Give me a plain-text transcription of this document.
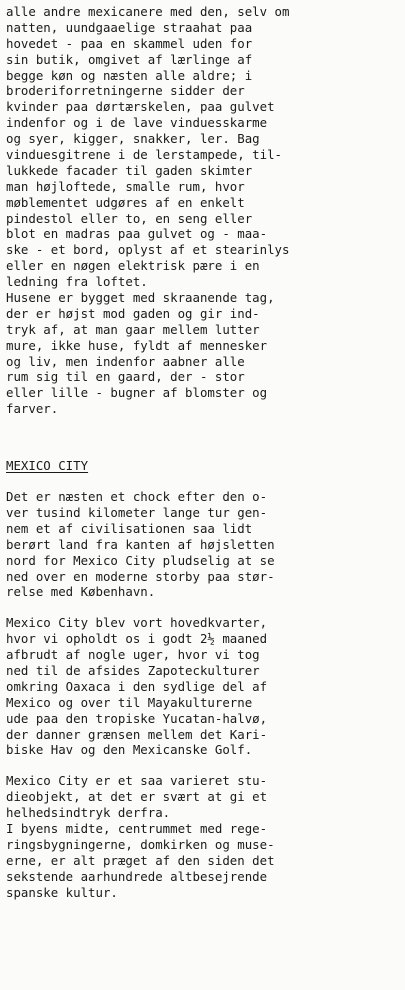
alle andre mexicanere med den, selv om
natten, uundgaaelige straahat paa
hovedet - paa en skammel uden for
sin butik, omgivet af lærlinge af
begge køn og næsten alle aldre; i
broderiforretningerne sidder der
kvinder paa dørtærskelen, paa gulvet
indenfor og i de lave vinduesskarme
og syer, kigger, snakker, ler. Bag
vinduesgitrene i de lerstampede, til-
lukkede facader til gaden skimter
man højloftede, smalle rum, hvor
møblementet udgøres af en enkelt
pindestol eller to, en seng eller
blot en madras paa gulvet og - maa-
ske - et bord, oplyst af et stearinlys
eller en nøgen elektrisk pære i en
ledning fra loftet.
Husene er bygget med skraanende tag,
der er højst mod gaden og gir ind-
tryk af, at man gaar mellem lutter
mure, ikke huse, fyldt af mennesker
og liv, men indenfor aabner alle
rum sig til en gaard, der - stor
eller lille - bugner af blomster og
farver.
MEXICO CITY
Det er næsten et chock efter den o-
ver tusind kilometer lange tur gen-
nem et af civilisationen saa lidt
berørt land fra kanten af højsletten
nord for Mexico City pludselig at se
ned over en moderne storby paa stør-
relse med København.
Mexico City blev vort hovedkvarter,
hvor vi opholdt os i godt 2½ maaned
afbrudt af nogle uger, hvor vi tog
ned til de afsides Zapoteckulturer
omkring Oaxaca i den sydlige del af
Mexico og over til Mayakulturerne
ude paa den tropiske Yucatan-halvø,
der danner grænsen mellem det Kari-
biske Hav og den Mexicanske Golf.
Mexico City er et saa varieret stu-
dieobjekt, at det er svært at gi et
helhedsindtryk derfra.
I byens midte, centrummet med rege-
ringsbygningerne, domkirken og muse-
erne, er alt præget af den siden det
sekstende aarhundrede altbesejrende
spanske kultur.
